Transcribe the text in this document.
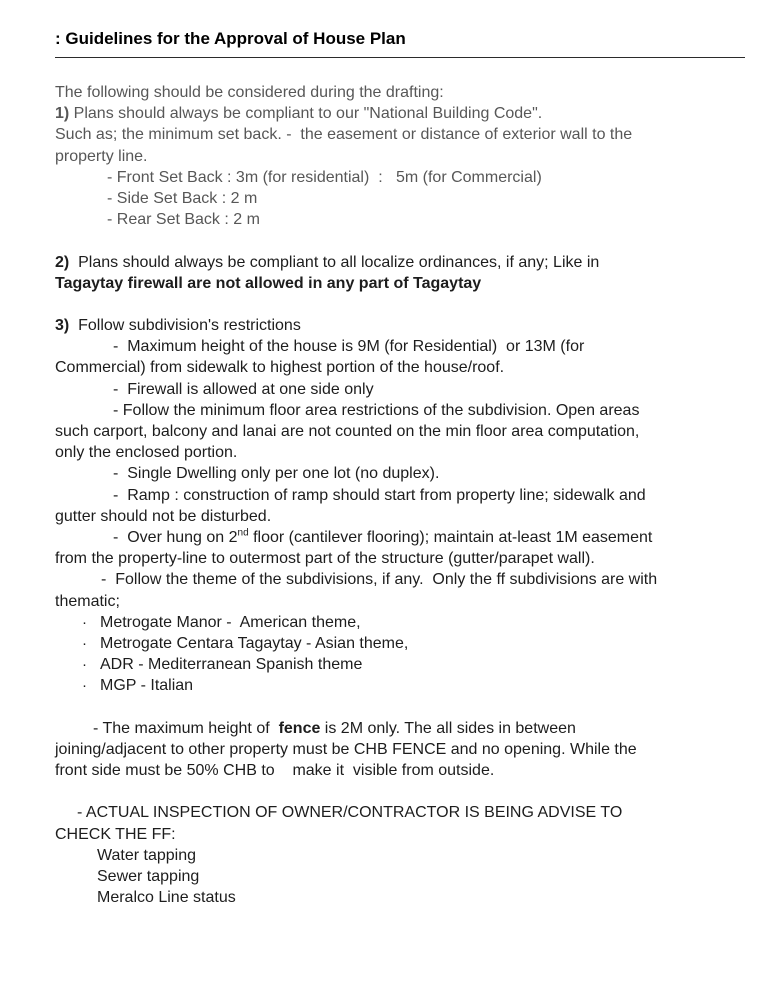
: Guidelines for the Approval of House Plan
The following should be considered during the drafting:
1) Plans should always be compliant to our "National Building Code".
Such as; the minimum set back. -  the easement or distance of exterior wall to the
property line.
- Front Set Back : 3m (for residential)  :   5m (for Commercial)
- Side Set Back : 2 m
- Rear Set Back : 2 m
2)  Plans should always be compliant to all localize ordinances, if any; Like in
Tagaytay firewall are not allowed in any part of Tagaytay
3)  Follow subdivision's restrictions
-  Maximum height of the house is 9M (for Residential)  or 13M (for
Commercial) from sidewalk to highest portion of the house/roof.
-  Firewall is allowed at one side only
- Follow the minimum floor area restrictions of the subdivision. Open areas
such carport, balcony and lanai are not counted on the min floor area computation,
only the enclosed portion.
-  Single Dwelling only per one lot (no duplex).
-  Ramp : construction of ramp should start from property line; sidewalk and
gutter should not be disturbed.
-  Over hung on 2nd floor (cantilever flooring); maintain at-least 1M easement
from the property-line to outermost part of the structure (gutter/parapet wall).
-  Follow the theme of the subdivisions, if any.  Only the ff subdivisions are with
thematic;
· Metrogate Manor -  American theme,
· Metrogate Centara Tagaytay - Asian theme,
· ADR - Mediterranean Spanish theme
· MGP - Italian
- The maximum height of  fence is 2M only. The all sides in between
joining/adjacent to other property must be CHB FENCE and no opening. While the
front side must be 50% CHB to    make it  visible from outside.
- ACTUAL INSPECTION OF OWNER/CONTRACTOR IS BEING ADVISE TO
CHECK THE FF:
Water tapping
Sewer tapping
Meralco Line status
